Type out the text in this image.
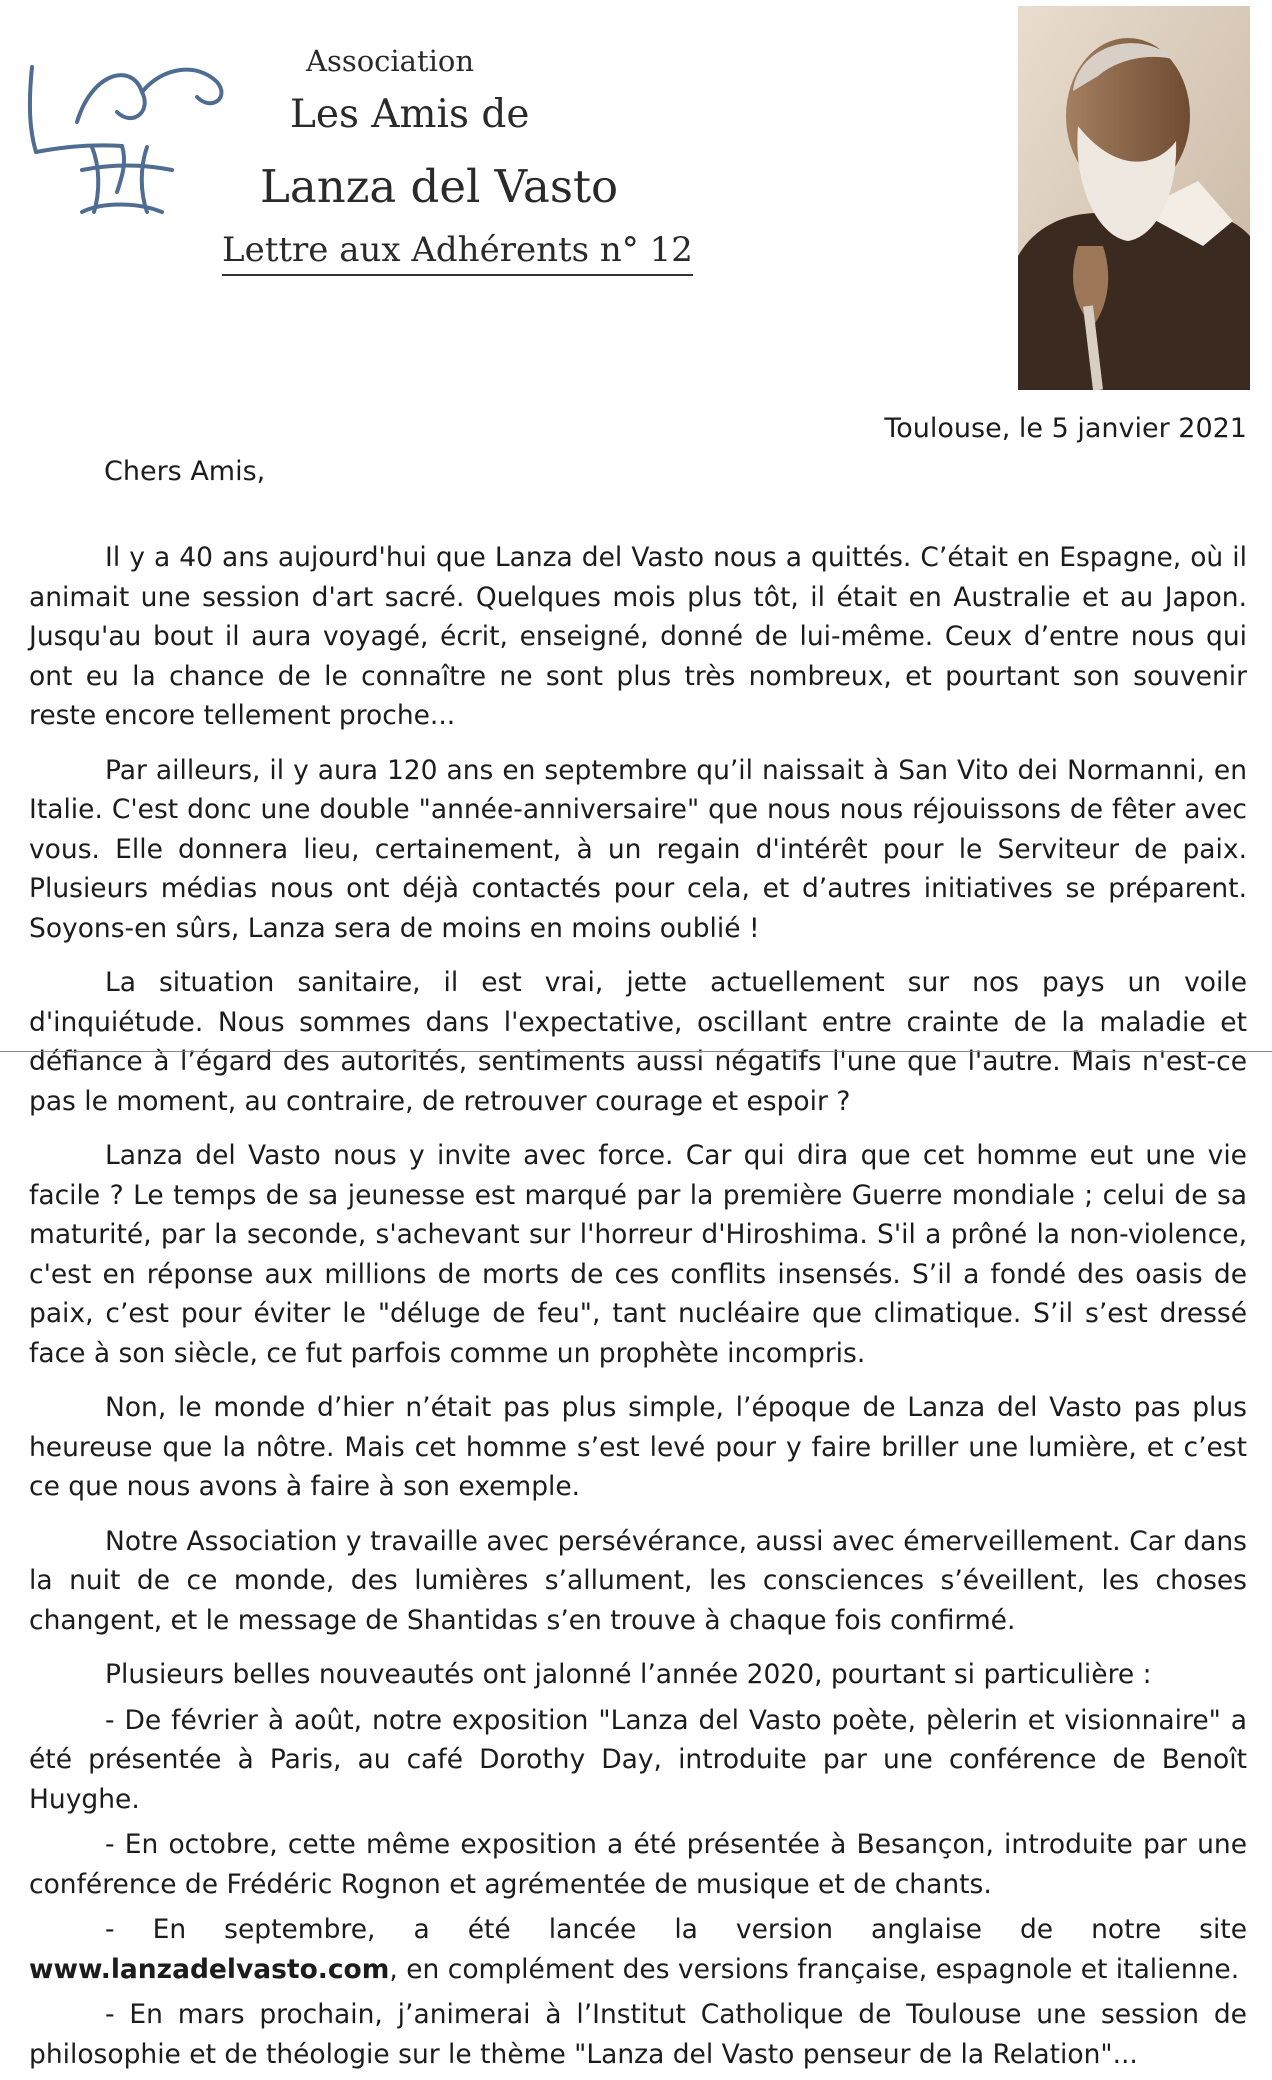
Association
Les Amis de
Lanza del Vasto
Lettre aux Adhérents n° 12
Toulouse, le 5 janvier 2021
Chers Amis,

Il y a 40 ans aujourd'hui que Lanza del Vasto nous a quittés. C’était en Espagne, où il animait une session d'art sacré. Quelques mois plus tôt, il était en Australie et au Japon. Jusqu'au bout il aura voyagé, écrit, enseigné, donné de lui-même. Ceux d’entre nous qui ont eu la chance de le connaître ne sont plus très nombreux, et pourtant son souvenir reste encore tellement proche...

Par ailleurs, il y aura 120 ans en septembre qu’il naissait à San Vito dei Normanni, en Italie. C'est donc une double "année-anniversaire" que nous nous réjouissons de fêter avec vous. Elle donnera lieu, certainement, à un regain d'intérêt pour le Serviteur de paix. Plusieurs médias nous ont déjà contactés pour cela, et d’autres initiatives se préparent. Soyons-en sûrs, Lanza sera de moins en moins oublié !

La situation sanitaire, il est vrai, jette actuellement sur nos pays un voile d'inquiétude. Nous sommes dans l'expectative, oscillant entre crainte de la maladie et défiance à l’égard des autorités, sentiments aussi négatifs l'une que l'autre. Mais n'est-ce pas le moment, au contraire, de retrouver courage et espoir ?

Lanza del Vasto nous y invite avec force. Car qui dira que cet homme eut une vie facile ? Le temps de sa jeunesse est marqué par la première Guerre mondiale ; celui de sa maturité, par la seconde, s'achevant sur l'horreur d'Hiroshima. S'il a prôné la non-violence, c'est en réponse aux millions de morts de ces conflits insensés. S’il a fondé des oasis de paix, c’est pour éviter le "déluge de feu", tant nucléaire que climatique. S’il s’est dressé face à son siècle, ce fut parfois comme un prophète incompris.

Non, le monde d’hier n’était pas plus simple, l’époque de Lanza del Vasto pas plus heureuse que la nôtre. Mais cet homme s’est levé pour y faire briller une lumière, et c’est ce que nous avons à faire à son exemple.

Notre Association y travaille avec persévérance, aussi avec émerveillement. Car dans la nuit de ce monde, des lumières s’allument, les consciences s’éveillent, les choses changent, et le message de Shantidas s’en trouve à chaque fois confirmé.

Plusieurs belles nouveautés ont jalonné l’année 2020, pourtant si particulière :

- De février à août, notre exposition "Lanza del Vasto poète, pèlerin et visionnaire" a été présentée à Paris, au café Dorothy Day, introduite par une conférence de Benoît Huyghe.

- En octobre, cette même exposition a été présentée à Besançon, introduite par une conférence de Frédéric Rognon et agrémentée de musique et de chants.

- En septembre, a été lancée la version anglaise de notre site www.lanzadelvasto.com, en complément des versions française, espagnole et italienne.

- En mars prochain, j’animerai à l’Institut Catholique de Toulouse une session de philosophie et de théologie sur le thème "Lanza del Vasto penseur de la Relation"...
